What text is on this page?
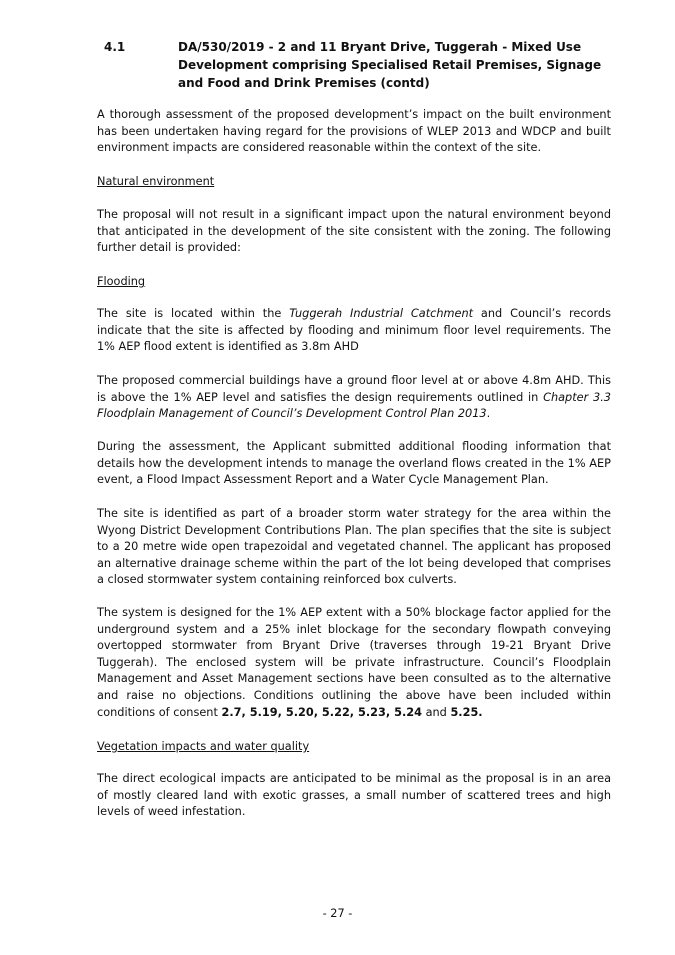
4.1	DA/530/2019 - 2 and 11 Bryant Drive, Tuggerah - Mixed Use Development comprising Specialised Retail Premises, Signage and Food and Drink Premises (contd)
A thorough assessment of the proposed development’s impact on the built environment has been undertaken having regard for the provisions of WLEP 2013 and WDCP and built environment impacts are considered reasonable within the context of the site.
Natural environment
The proposal will not result in a significant impact upon the natural environment beyond that anticipated in the development of the site consistent with the zoning. The following further detail is provided:
Flooding
The site is located within the Tuggerah Industrial Catchment and Council’s records indicate that the site is affected by flooding and minimum floor level requirements. The 1% AEP flood extent is identified as 3.8m AHD
The proposed commercial buildings have a ground floor level at or above 4.8m AHD. This is above the 1% AEP level and satisfies the design requirements outlined in Chapter 3.3 Floodplain Management of Council’s Development Control Plan 2013.
During the assessment, the Applicant submitted additional flooding information that details how the development intends to manage the overland flows created in the 1% AEP event, a Flood Impact Assessment Report and a Water Cycle Management Plan.
The site is identified as part of a broader storm water strategy for the area within the Wyong District Development Contributions Plan. The plan specifies that the site is subject to a 20 metre wide open trapezoidal and vegetated channel. The applicant has proposed an alternative drainage scheme within the part of the lot being developed that comprises a closed stormwater system containing reinforced box culverts.
The system is designed for the 1% AEP extent with a 50% blockage factor applied for the underground system and a 25% inlet blockage for the secondary flowpath conveying overtopped stormwater from Bryant Drive (traverses through 19-21 Bryant Drive Tuggerah). The enclosed system will be private infrastructure. Council’s Floodplain Management and Asset Management sections have been consulted as to the alternative and raise no objections. Conditions outlining the above have been included within conditions of consent 2.7, 5.19, 5.20, 5.22, 5.23, 5.24 and 5.25.
Vegetation impacts and water quality
The direct ecological impacts are anticipated to be minimal as the proposal is in an area of mostly cleared land with exotic grasses, a small number of scattered trees and high levels of weed infestation.
- 27 -
